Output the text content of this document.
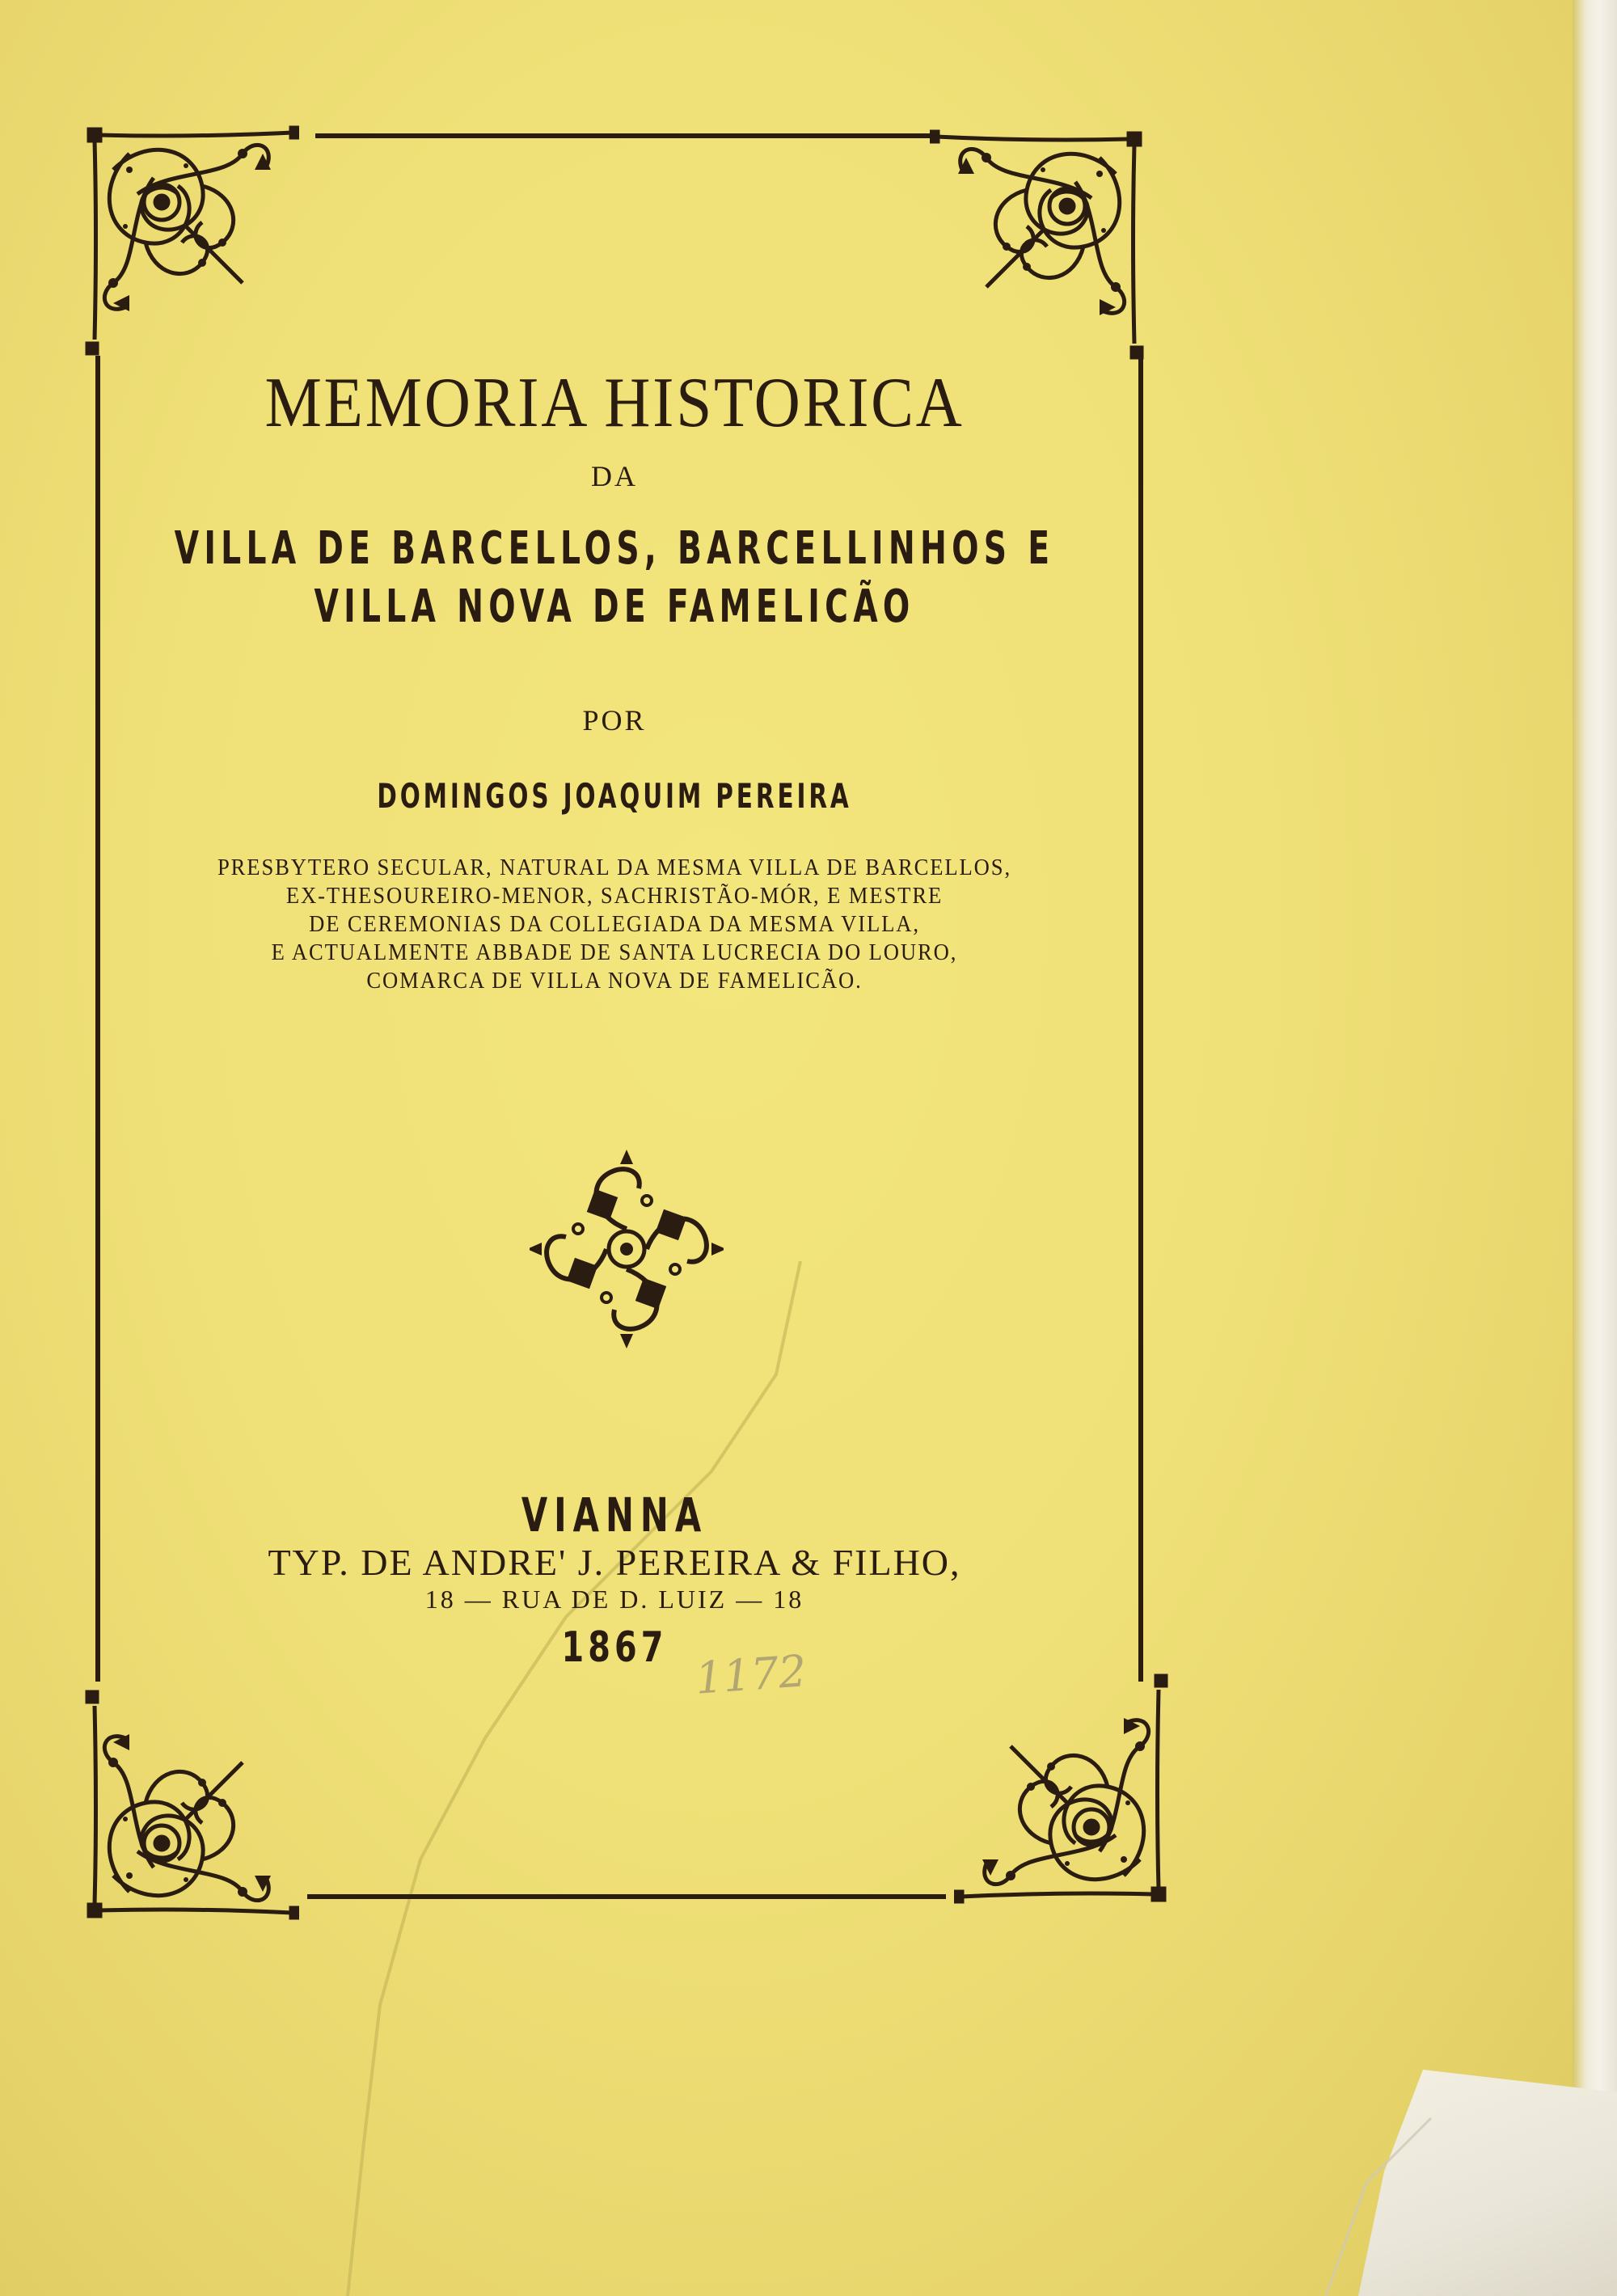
MEMORIA HISTORICA
DA
VILLA DE BARCELLOS, BARCELLINHOS E
VILLA NOVA DE FAMELICÃO
POR
DOMINGOS JOAQUIM PEREIRA
PRESBYTERO SECULAR, NATURAL DA MESMA VILLA DE BARCELLOS,
EX-THESOUREIRO-MENOR, SACHRISTÃO-MÓR, E MESTRE
DE CEREMONIAS DA COLLEGIADA DA MESMA VILLA,
E ACTUALMENTE ABBADE DE SANTA LUCRECIA DO LOURO,
COMARCA DE VILLA NOVA DE FAMELICÃO.
VIANNA
TYP. DE ANDRE' J. PEREIRA & FILHO,
18 — RUA DE D. LUIZ — 18
1867 1172
